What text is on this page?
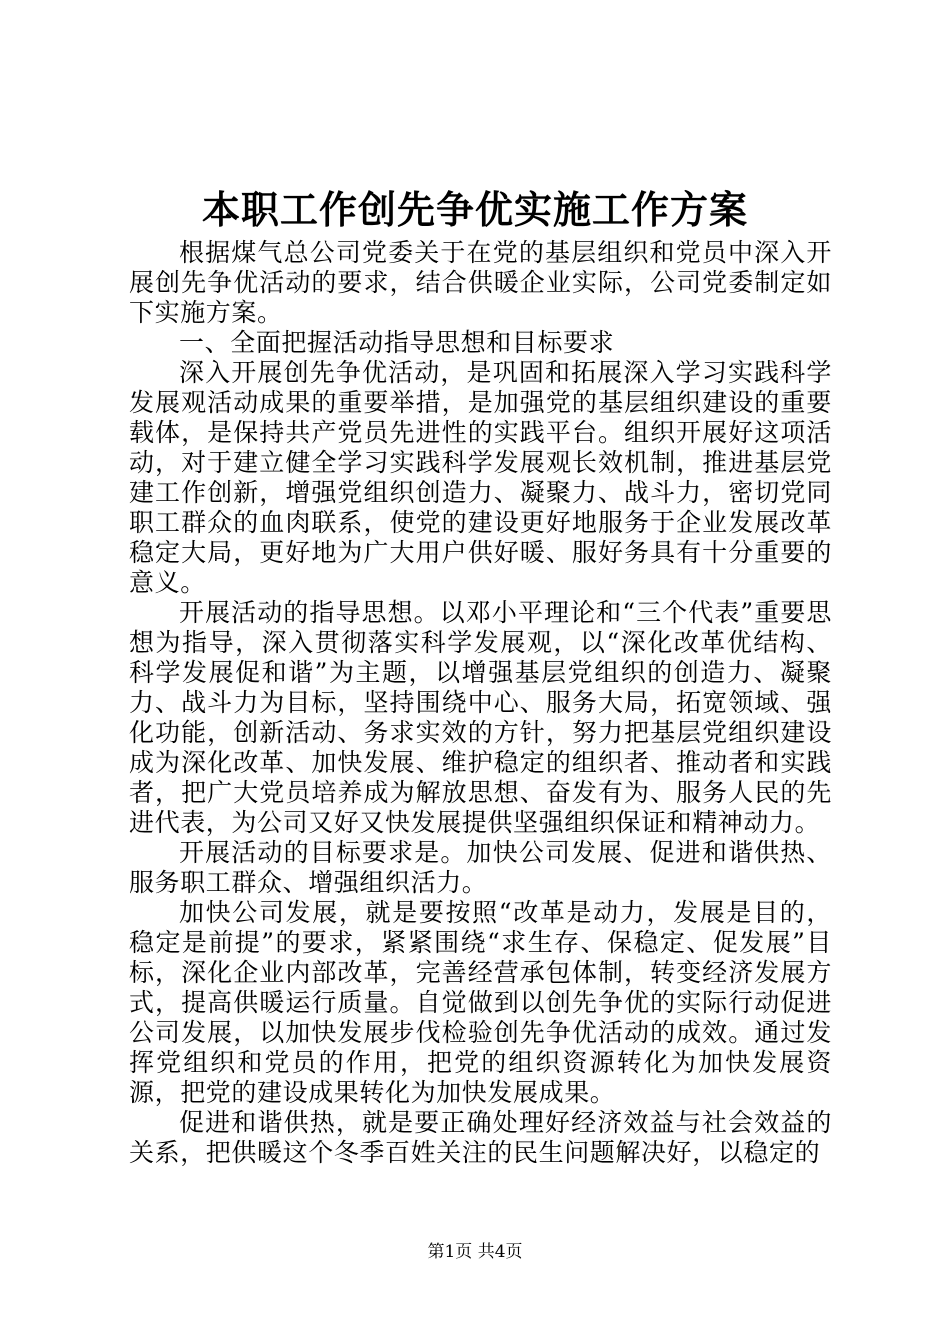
本职工作创先争优实施工作方案

根据煤气总公司党委关于在党的基层组织和党员中深入开展创先争优活动的要求，结合供暖企业实际，公司党委制定如下实施方案。

一、全面把握活动指导思想和目标要求

深入开展创先争优活动，是巩固和拓展深入学习实践科学发展观活动成果的重要举措，是加强党的基层组织建设的重要载体，是保持共产党员先进性的实践平台。组织开展好这项活动，对于建立健全学习实践科学发展观长效机制，推进基层党建工作创新，增强党组织创造力、凝聚力、战斗力，密切党同职工群众的血肉联系，使党的建设更好地服务于企业发展改革稳定大局，更好地为广大用户供好暖、服好务具有十分重要的意义。

开展活动的指导思想。以邓小平理论和“三个代表”重要思想为指导，深入贯彻落实科学发展观，以“深化改革优结构、科学发展促和谐”为主题，以增强基层党组织的创造力、凝聚力、战斗力为目标，坚持围绕中心、服务大局，拓宽领域、强化功能，创新活动、务求实效的方针，努力把基层党组织建设成为深化改革、加快发展、维护稳定的组织者、推动者和实践者，把广大党员培养成为解放思想、奋发有为、服务人民的先进代表，为公司又好又快发展提供坚强组织保证和精神动力。

开展活动的目标要求是。加快公司发展、促进和谐供热、服务职工群众、增强组织活力。

加快公司发展，就是要按照“改革是动力，发展是目的，稳定是前提”的要求，紧紧围绕“求生存、保稳定、促发展”目标，深化企业内部改革，完善经营承包体制，转变经济发展方式，提高供暖运行质量。自觉做到以创先争优的实际行动促进公司发展，以加快发展步伐检验创先争优活动的成效。通过发挥党组织和党员的作用，把党的组织资源转化为加快发展资源，把党的建设成果转化为加快发展成果。

促进和谐供热，就是要正确处理好经济效益与社会效益的关系，把供暖这个冬季百姓关注的民生问题解决好，以稳定的

第1页 共4页
